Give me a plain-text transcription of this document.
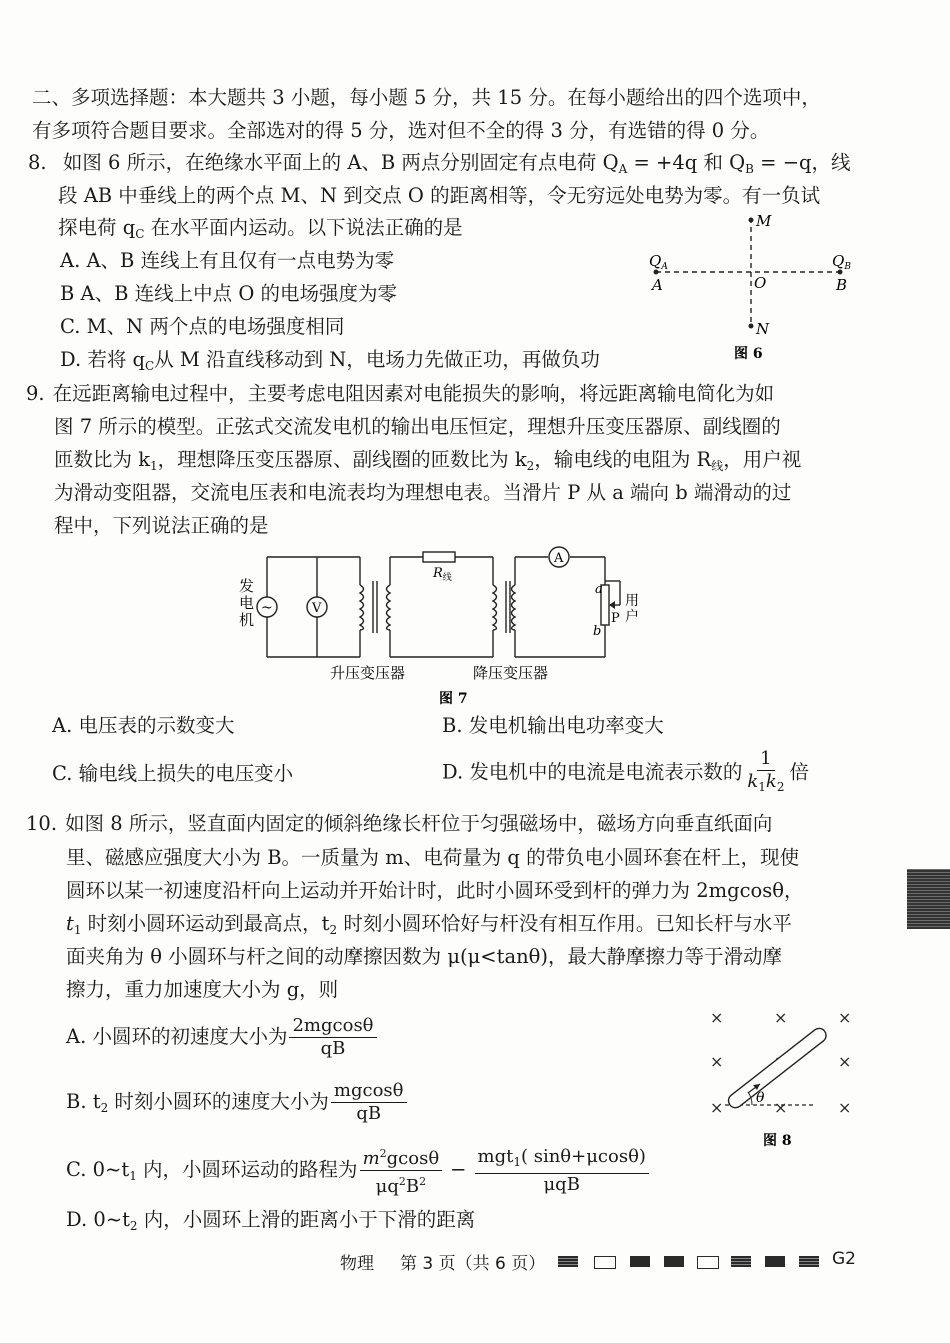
二、多项选择题：本大题共 3 小题，每小题 5 分，共 15 分。在每小题给出的四个选项中，
有多项符合题目要求。全部选对的得 5 分，选对但不全的得 3 分，有选错的得 0 分。
8. 如图 6 所示，在绝缘水平面上的 A、B 两点分别固定有点电荷 $Q_A = +4q$ 和 $Q_B = -q$，线
段 AB 中垂线上的两个点 M、N 到交点 O 的距离相等，令无穷远处电势为零。有一负试
探电荷 $q_C$ 在水平面内运动。以下说法正确的是
A. A、B 连线上有且仅有一点电势为零
B A、B 连线上中点 O 的电场强度为零
C. M、N 两个点的电场强度相同
D. 若将 $q_C$从 M 沿直线移动到 N，电场力先做正功，再做负功
M
N
O
A	B
$Q_A$	$Q_B$
图 6
9. 在远距离输电过程中，主要考虑电阻因素对电能损失的影响，将远距离输电简化为如
图 7 所示的模型。正弦式交流发电机的输出电压恒定，理想升压变压器原、副线圈的
匝数比为 $k_1$，理想降压变压器原、副线圈的匝数比为 $k_2$，输电线的电阻为 $R_线$，用户视
为滑动变阻器，交流电压表和电流表均为理想电表。当滑片 P 从 a 端向 b 端滑动的过
程中，下列说法正确的是
~	V
A
发
电
机
$R_线$
a
b
P
用
户
升压变压器	降压变压器
图 7
A. 电压表的示数变大	B. 发电机输出电功率变大
C. 输电线上损失的电压变小	D. 发电机中的电流是电流表示数的 $\frac{1}{k_1k_2}$ 倍
10. 如图 8 所示，竖直面内固定的倾斜绝缘长杆位于匀强磁场中，磁场方向垂直纸面向
里、磁感应强度大小为 B。一质量为 m、电荷量为 q 的带负电小圆环套在杆上，现使
圆环以某一初速度沿杆向上运动并开始计时，此时小圆环受到杆的弹力为 2mgcosθ，
$t_1$ 时刻小圆环运动到最高点，$t_2$ 时刻小圆环恰好与杆没有相互作用。已知长杆与水平
面夹角为 θ 小圆环与杆之间的动摩擦因数为 μ(μ<tanθ)，最大静摩擦力等于滑动摩
擦力，重力加速度大小为 g，则
A. 小圆环的初速度大小为 $\frac{2mgcos\theta}{qB}$
B. $t_2$ 时刻小圆环的速度大小为 $\frac{mgcos\theta}{qB}$
C. $0\sim t_1$ 内，小圆环运动的路程为 $\frac{m^2gcos\theta}{\mu q^2B^2} - \frac{mgt_1( \sin\theta+\mu\cos\theta)}{\text{μqB}}$
D. $0\sim t_2$ 内，小圆环上滑的距离小于下滑的距离
×	×	×
×	×
×	×	×
θ
图 8
物理 第 3 页（共 6 页）	G2
